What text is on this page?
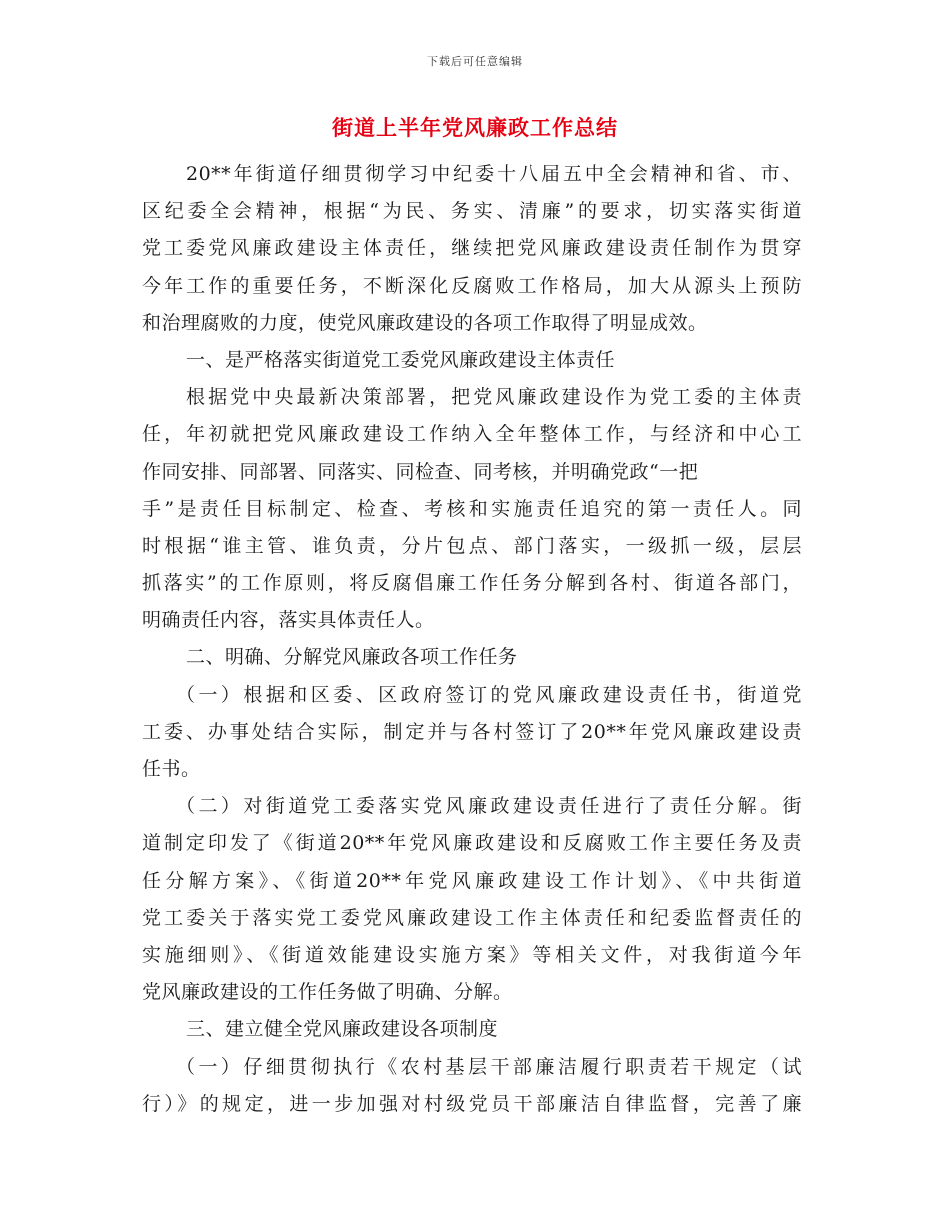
下载后可任意编辑
街道上半年党风廉政工作总结
20**年街道仔细贯彻学习中纪委十八届五中全会精神和省、市、
区纪委全会精神，根据“为民、务实、清廉”的要求，切实落实街道
党工委党风廉政建设主体责任，继续把党风廉政建设责任制作为贯穿
今年工作的重要任务，不断深化反腐败工作格局，加大从源头上预防
和治理腐败的力度，使党风廉政建设的各项工作取得了明显成效。
一、是严格落实街道党工委党风廉政建设主体责任
根据党中央最新决策部署，把党风廉政建设作为党工委的主体责
任，年初就把党风廉政建设工作纳入全年整体工作，与经济和中心工
作同安排、同部署、同落实、同检查、同考核，并明确党政“一把
手”是责任目标制定、检查、考核和实施责任追究的第一责任人。同
时根据“谁主管、谁负责，分片包点、部门落实，一级抓一级，层层
抓落实”的工作原则，将反腐倡廉工作任务分解到各村、街道各部门，
明确责任内容，落实具体责任人。
二、明确、分解党风廉政各项工作任务
（一）根据和区委、区政府签订的党风廉政建设责任书，街道党
工委、办事处结合实际，制定并与各村签订了20**年党风廉政建设责
任书。
（二）对街道党工委落实党风廉政建设责任进行了责任分解。街
道制定印发了《街道20**年党风廉政建设和反腐败工作主要任务及责
任分解方案》、《街道20**年党风廉政建设工作计划》、《中共街道
党工委关于落实党工委党风廉政建设工作主体责任和纪委监督责任的
实施细则》、《街道效能建设实施方案》等相关文件，对我街道今年
党风廉政建设的工作任务做了明确、分解。
三、建立健全党风廉政建设各项制度
（一）仔细贯彻执行《农村基层干部廉洁履行职责若干规定（试
行）》的规定，进一步加强对村级党员干部廉洁自律监督，完善了廉
